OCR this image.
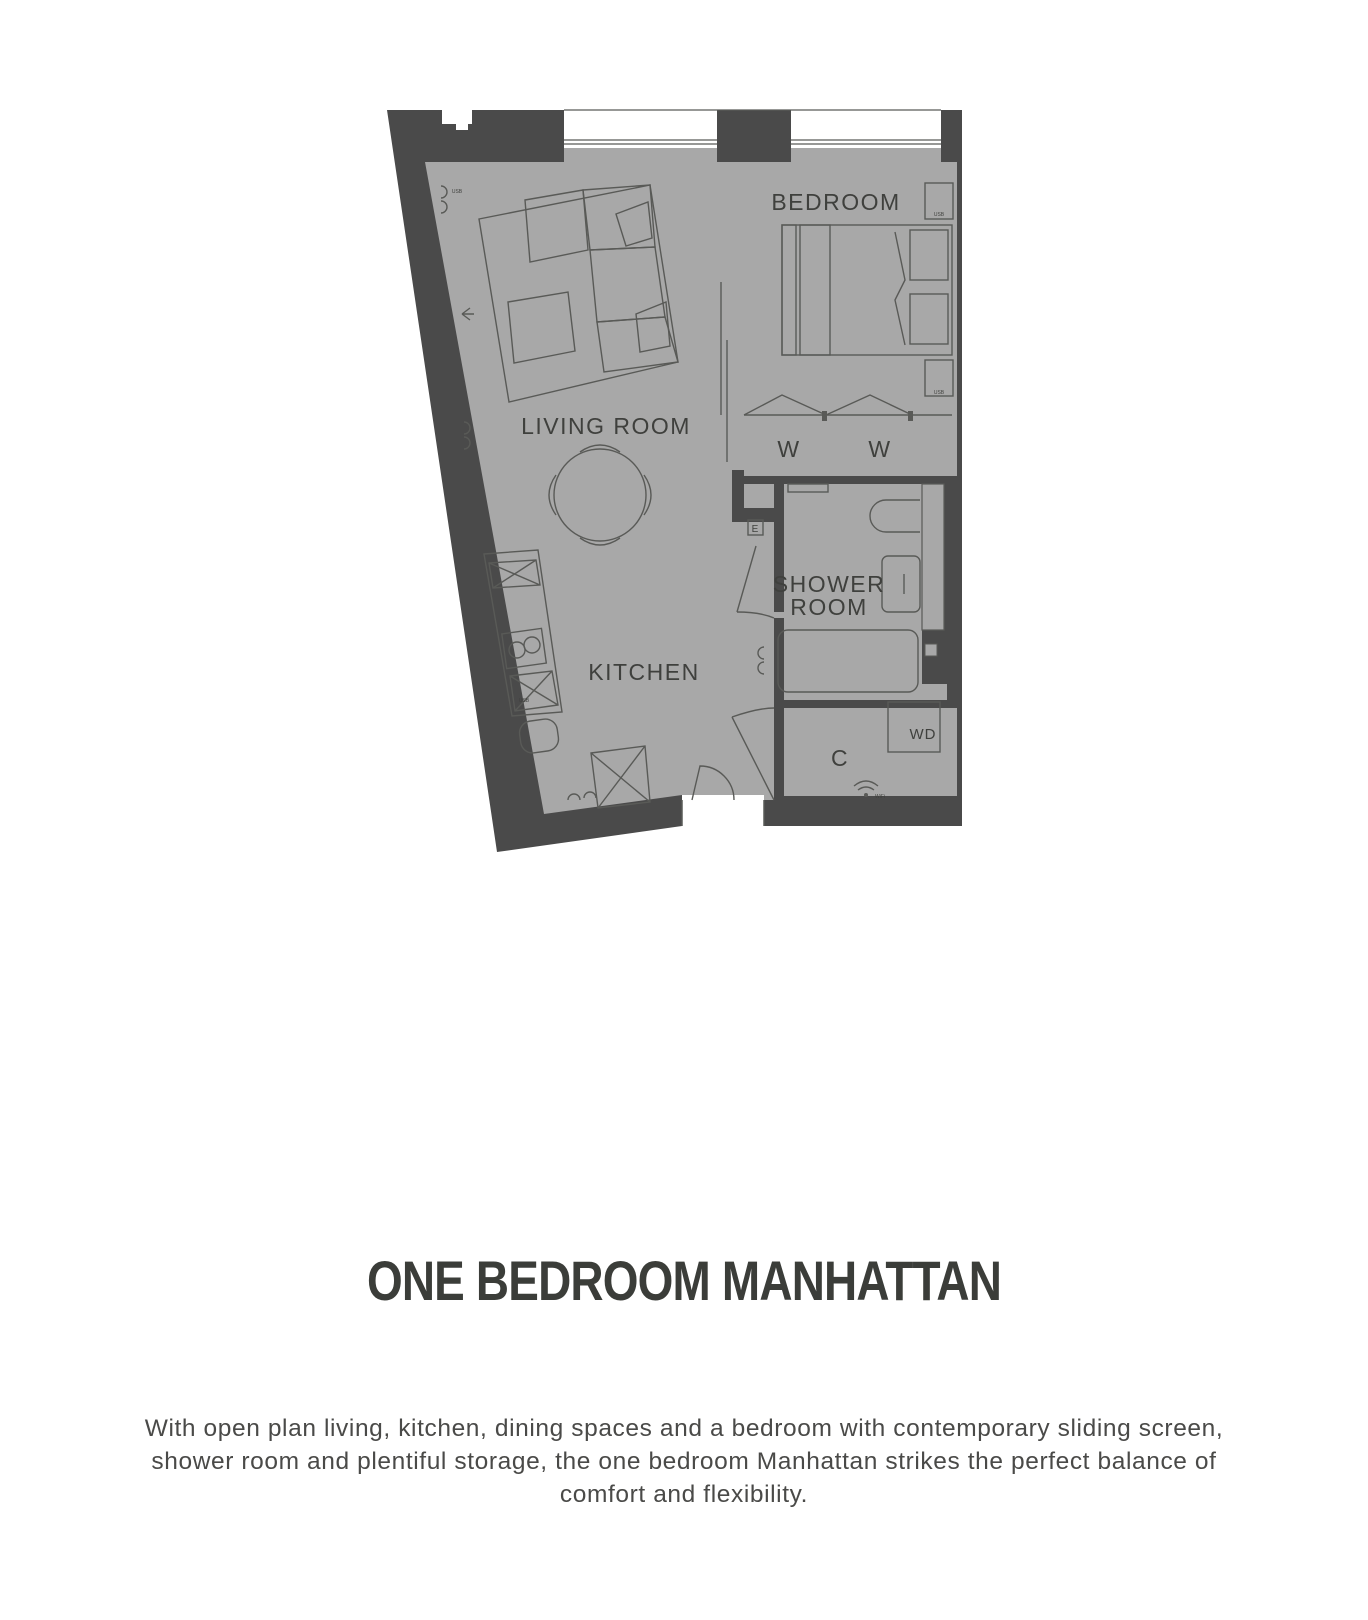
BEDROOM
LIVING ROOM
KITCHEN
SHOWER
ROOM
C
WD
W	W
E
USB
USB
USB
USB
WiFi
ONE BEDROOM MANHATTAN

With open plan living, kitchen, dining spaces and a bedroom with contemporary sliding screen, shower room and plentiful storage, the one bedroom Manhattan strikes the perfect balance of comfort and flexibility.
